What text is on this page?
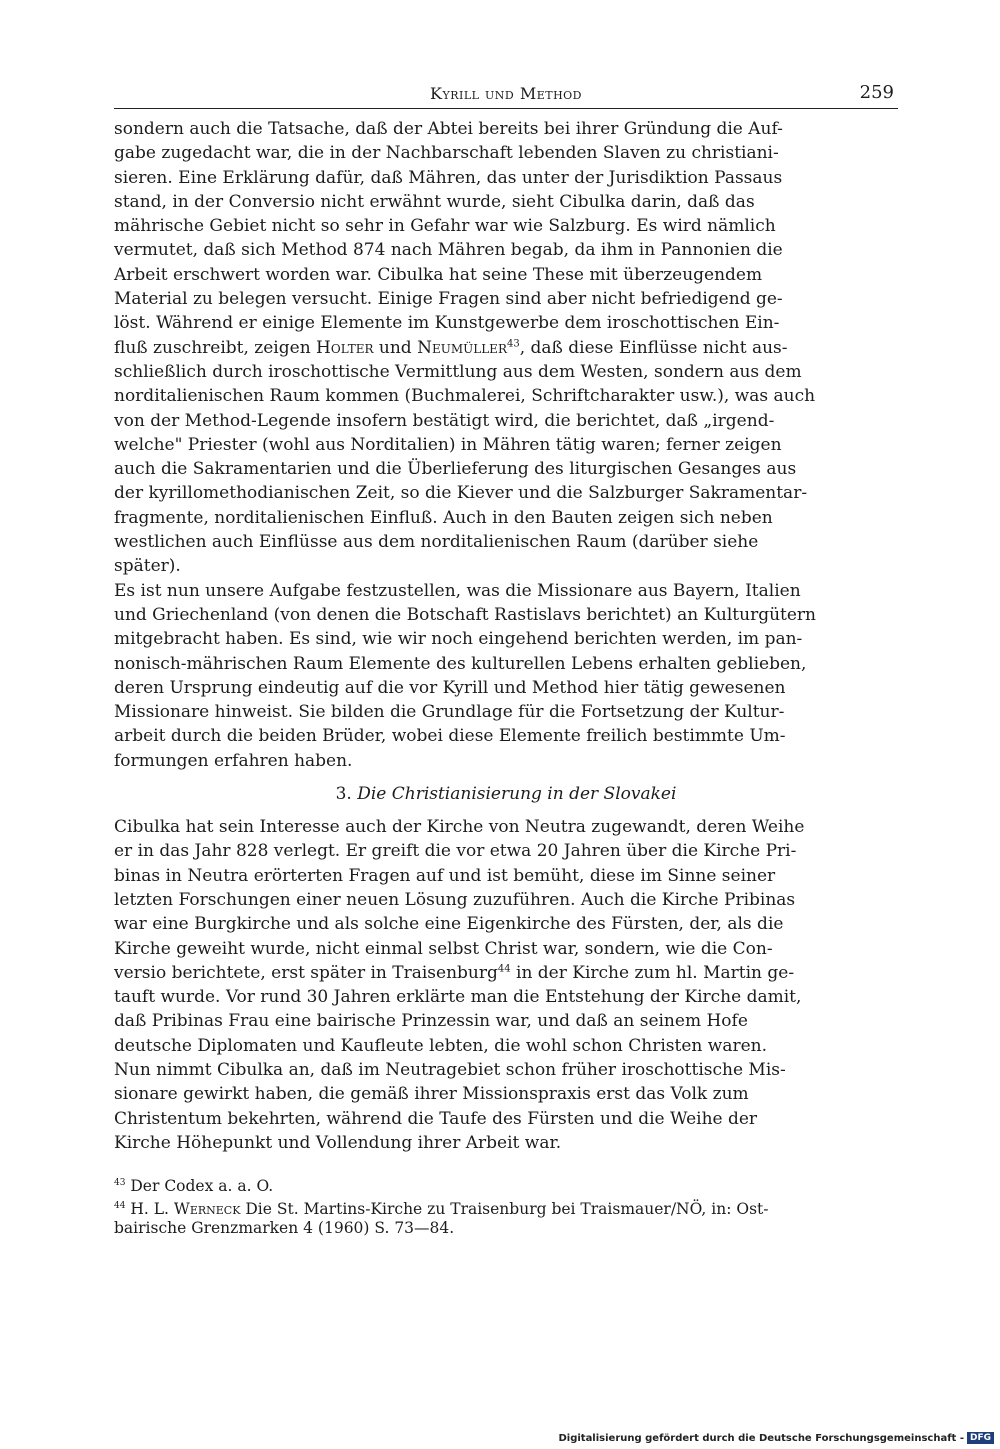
Kyrill und Method	259

sondern auch die Tatsache, daß der Abtei bereits bei ihrer Gründung die Auf-
gabe zugedacht war, die in der Nachbarschaft lebenden Slaven zu christiani-
sieren. Eine Erklärung dafür, daß Mähren, das unter der Jurisdiktion Passaus
stand, in der Conversio nicht erwähnt wurde, sieht Cibulka darin, daß das
mährische Gebiet nicht so sehr in Gefahr war wie Salzburg. Es wird nämlich
vermutet, daß sich Method 874 nach Mähren begab, da ihm in Pannonien die
Arbeit erschwert worden war. Cibulka hat seine These mit überzeugendem
Material zu belegen versucht. Einige Fragen sind aber nicht befriedigend ge-
löst. Während er einige Elemente im Kunstgewerbe dem iroschottischen Ein-
fluß zuschreibt, zeigen Holter und Neumüller$^{43}$, daß diese Einflüsse nicht aus-
schließlich durch iroschottische Vermittlung aus dem Westen, sondern aus dem
norditalienischen Raum kommen (Buchmalerei, Schriftcharakter usw.), was auch
von der Method-Legende insofern bestätigt wird, die berichtet, daß „irgend-
welche" Priester (wohl aus Norditalien) in Mähren tätig waren; ferner zeigen
auch die Sakramentarien und die Überlieferung des liturgischen Gesanges aus
der kyrillomethodianischen Zeit, so die Kiever und die Salzburger Sakramentar-
fragmente, norditalienischen Einfluß. Auch in den Bauten zeigen sich neben
westlichen auch Einflüsse aus dem norditalienischen Raum (darüber siehe
später).

Es ist nun unsere Aufgabe festzustellen, was die Missionare aus Bayern, Italien
und Griechenland (von denen die Botschaft Rastislavs berichtet) an Kulturgütern
mitgebracht haben. Es sind, wie wir noch eingehend berichten werden, im pan-
nonisch-mährischen Raum Elemente des kulturellen Lebens erhalten geblieben,
deren Ursprung eindeutig auf die vor Kyrill und Method hier tätig gewesenen
Missionare hinweist. Sie bilden die Grundlage für die Fortsetzung der Kultur-
arbeit durch die beiden Brüder, wobei diese Elemente freilich bestimmte Um-
formungen erfahren haben.

3. Die Christianisierung in der Slovakei

Cibulka hat sein Interesse auch der Kirche von Neutra zugewandt, deren Weihe
er in das Jahr 828 verlegt. Er greift die vor etwa 20 Jahren über die Kirche Pri-
binas in Neutra erörterten Fragen auf und ist bemüht, diese im Sinne seiner
letzten Forschungen einer neuen Lösung zuzuführen. Auch die Kirche Pribinas
war eine Burgkirche und als solche eine Eigenkirche des Fürsten, der, als die
Kirche geweiht wurde, nicht einmal selbst Christ war, sondern, wie die Con-
versio berichtete, erst später in Traisenburg$^{44}$ in der Kirche zum hl. Martin ge-
tauft wurde. Vor rund 30 Jahren erklärte man die Entstehung der Kirche damit,
daß Pribinas Frau eine bairische Prinzessin war, und daß an seinem Hofe
deutsche Diplomaten und Kaufleute lebten, die wohl schon Christen waren.
Nun nimmt Cibulka an, daß im Neutragebiet schon früher iroschottische Mis-
sionare gewirkt haben, die gemäß ihrer Missionspraxis erst das Volk zum
Christentum bekehrten, während die Taufe des Fürsten und die Weihe der
Kirche Höhepunkt und Vollendung ihrer Arbeit war.

$^{43}$ Der Codex a. a. O.

$^{44}$ H. L. Werneck Die St. Martins-Kirche zu Traisenburg bei Traismauer/NÖ, in: Ost-
bairische Grenzmarken 4 (1960) S. 73—84.

Digitalisierung gefördert durch die Deutsche Forschungsgemeinschaft - DFG
